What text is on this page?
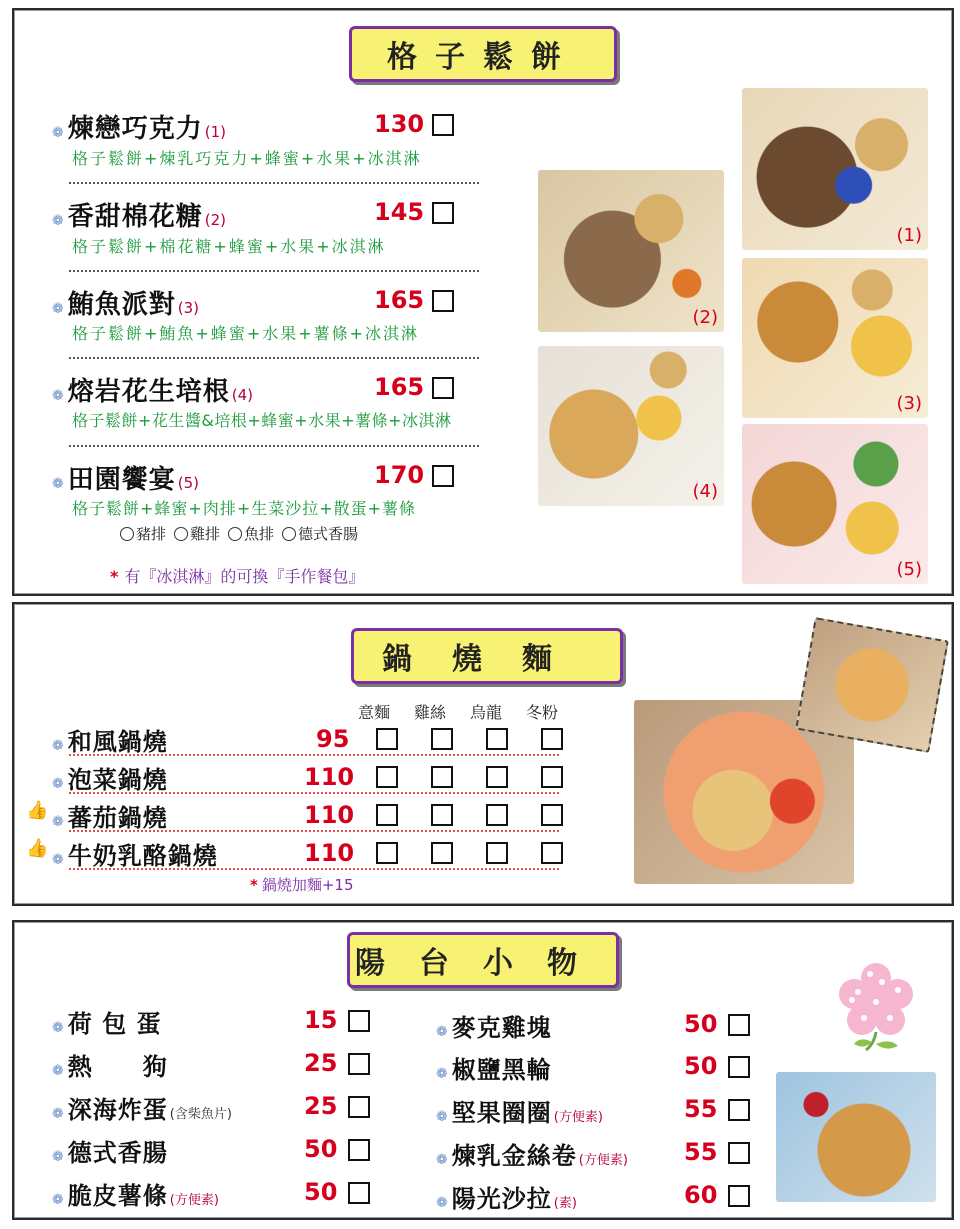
格子鬆餅
❁ 煉戀巧克力 ( 1)	130
格子鬆餅+煉乳巧克力+蜂蜜+水果+冰淇淋
❁ 香甜棉花糖 ( 2)	145
格子鬆餅+棉花糖+蜂蜜+水果+冰淇淋
❁ 鮪魚派對 ( 3)	165
格子鬆餅+鮪魚+蜂蜜+水果+薯條+冰淇淋
❁ 熔岩花生培根 ( 4)	165
格子鬆餅+花生醬&培根+蜂蜜+水果+薯條+冰淇淋
❁ 田園饗宴 ( 5)	170
格子鬆餅+蜂蜜+肉排+生菜沙拉+散蛋+薯條
豬排 雞排 魚排 德式香腸
* 有『冰淇淋』的可換『手作餐包』
(1)
(2)
(3)
(4)
(5)
鍋燒麵
意麵 雞絲 烏龍 冬粉
❁ 和風鍋燒	95
❁ 泡菜鍋燒	110
👍
❁ 蕃茄鍋燒	110
👍
❁ 牛奶乳酪鍋燒	110
* 鍋燒加麵+15
陽台小物
❁ 荷 包 蛋	15
❁ 熱　　狗	25
❁ 深海炸蛋 ( 含柴魚片 )	25
❁ 德式香腸	50
❁ 脆皮薯條 ( 方便素 )	50
❁ 麥克雞塊	50
❁ 椒鹽黑輪	50
❁ 堅果圈圈 ( 方便素 )	55
❁ 煉乳金絲卷 ( 方便素 )	55
❁ 陽光沙拉 ( 素 )	60
